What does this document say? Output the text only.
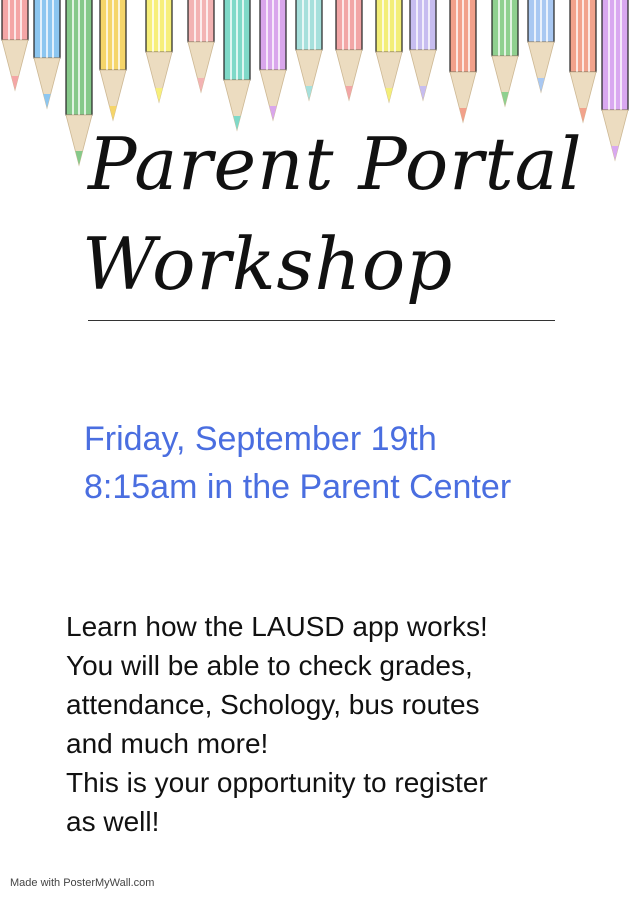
Parent Portal
Workshop

Friday, September 19th

8:15am in the Parent Center

Learn how the LAUSD app works!
You will be able to check grades,
attendance, Schology, bus routes
and much more!
This is your opportunity to register
as well!
Made with PosterMyWall.com
